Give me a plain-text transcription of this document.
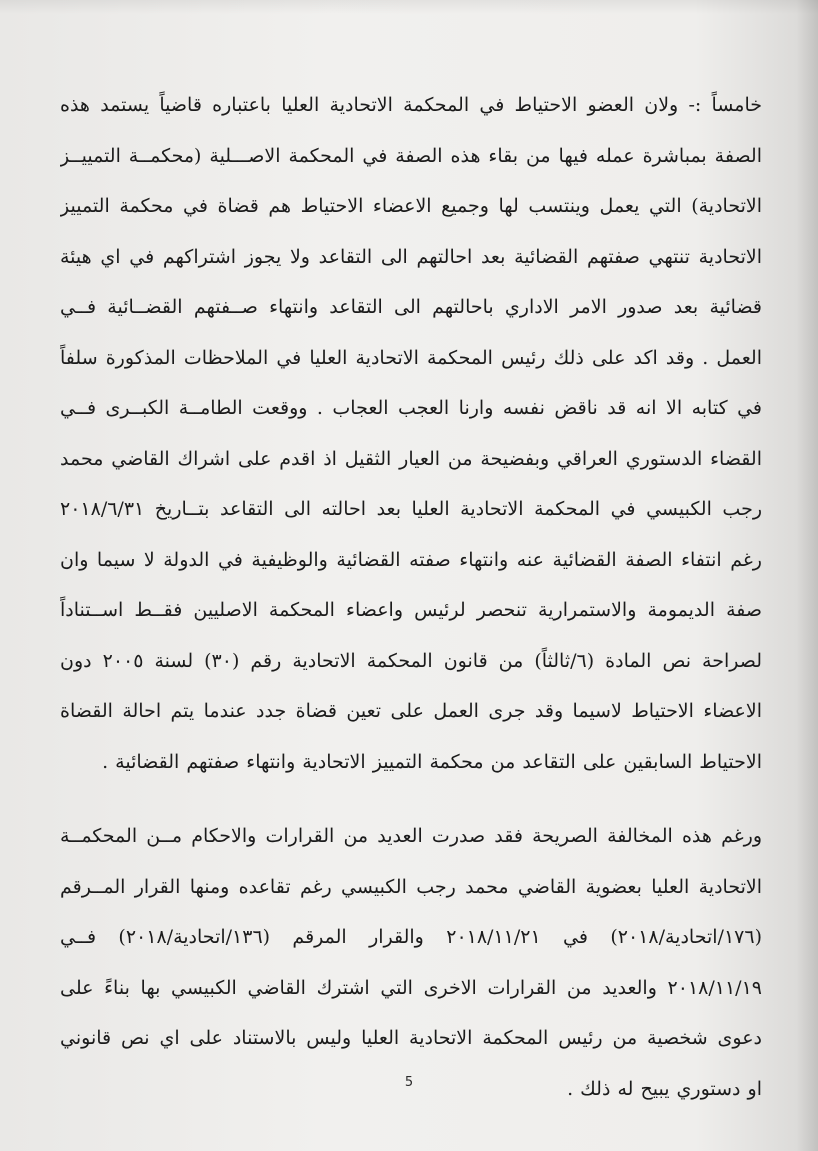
خامساً :- ولان العضو الاحتياط في المحكمة الاتحادية العليا باعتباره قاضياً يستمد هذه
الصفة بمباشرة عمله فيها من بقاء هذه الصفة في المحكمة الاصـــلية (محكمــة التمييــز
الاتحادية) التي يعمل وينتسب لها وجميع الاعضاء الاحتياط هم قضاة في محكمة التمييز
الاتحادية تنتهي صفتهم القضائية بعد احالتهم الى التقاعد ولا يجوز اشتراكهم في اي هيئة
قضائية بعد صدور الامر الاداري باحالتهم الى التقاعد وانتهاء صــفتهم القضــائية فــي
العمل . وقد اكد على ذلك رئيس المحكمة الاتحادية العليا في الملاحظات المذكورة سلفاً
في كتابه الا انه قد ناقض نفسه وارنا العجب العجاب . ووقعت الطامــة الكبــرى فــي
القضاء الدستوري العراقي وبفضيحة من العيار الثقيل اذ اقدم على اشراك القاضي محمد
رجب الكبيسي في المحكمة الاتحادية العليا بعد احالته الى التقاعد بتــاريخ ٢٠١٨/٦/٣١
رغم انتفاء الصفة القضائية عنه وانتهاء صفته القضائية والوظيفية في الدولة لا سيما وان
صفة الديمومة والاستمرارية تنحصر لرئيس واعضاء المحكمة الاصليين فقــط اســتناداً
لصراحة نص المادة (٦/ثالثاً) من قانون المحكمة الاتحادية رقم (٣٠) لسنة ٢٠٠٥ دون
الاعضاء الاحتياط لاسيما وقد جرى العمل على تعين قضاة جدد عندما يتم احالة القضاة
الاحتياط السابقين على التقاعد من محكمة التمييز الاتحادية وانتهاء صفتهم القضائية .
ورغم هذه المخالفة الصريحة فقد صدرت العديد من القرارات والاحكام مــن المحكمــة
الاتحادية العليا بعضوية القاضي محمد رجب الكبيسي رغم تقاعده ومنها القرار المــرقم
(١٧٦/اتحادية/٢٠١٨) في ٢٠١٨/١١/٢١ والقرار المرقم (١٣٦/اتحادية/٢٠١٨) فــي
٢٠١٨/١١/١٩ والعديد من القرارات الاخرى التي اشترك القاضي الكبيسي بها بناءً على
دعوى شخصية من رئيس المحكمة الاتحادية العليا وليس بالاستناد على اي نص قانوني
او دستوري يبيح له ذلك .
5
